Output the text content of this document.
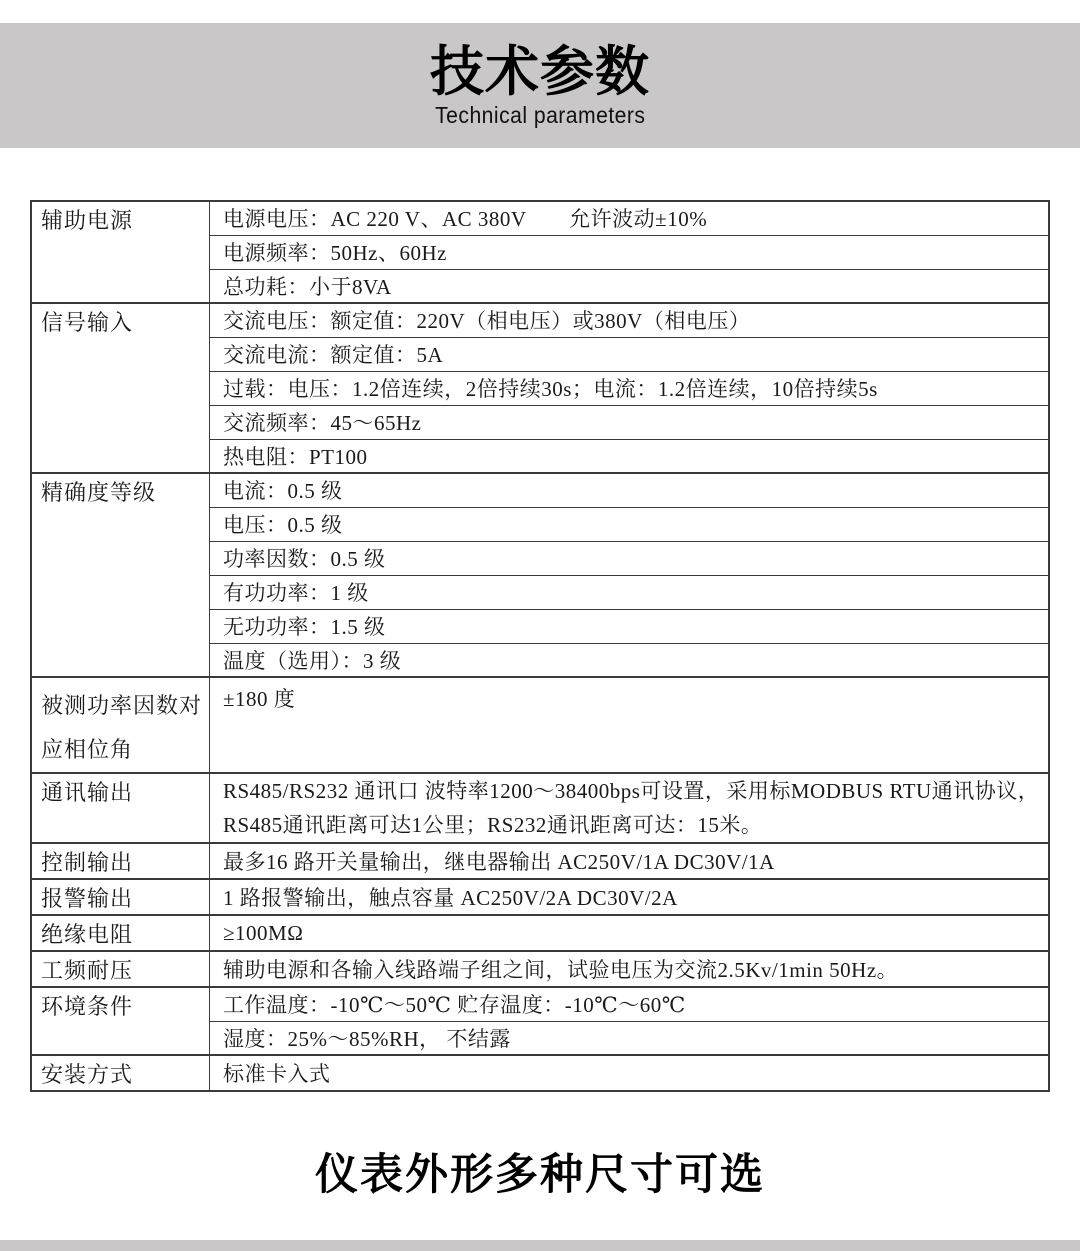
技术参数
Technical parameters
辅助电源	电源电压：AC 220 V、AC 380V　　允许波动±10%
	电源频率：50Hz、60Hz
	总功耗：小于8VA
信号输入	交流电压：额定值：220V（相电压）或380V（相电压）
	交流电流：额定值：5A
	过载：电压：1.2倍连续，2倍持续30s；电流：1.2倍连续，10倍持续5s
	交流频率：45～65Hz
	热电阻：PT100
精确度等级	电流：0.5 级
	电压：0.5 级
	功率因数：0.5 级
	有功功率：1 级
	无功功率：1.5 级
	温度（选用）：3 级
被测功率因数对应相位角	±180 度
通讯输出	RS485/RS232 通讯口 波特率1200～38400bps可设置，采用标MODBUS RTU通讯协议，
RS485通讯距离可达1公里；RS232通讯距离可达：15米。

控制输出	最多16 路开关量输出，继电器输出 AC250V/1A DC30V/1A
报警输出	1 路报警输出，触点容量 AC250V/2A DC30V/2A
绝缘电阻	≥100MΩ
工频耐压	辅助电源和各输入线路端子组之间，试验电压为交流2.5Kv/1min 50Hz。
环境条件	工作温度：-10℃～50℃ 贮存温度：-10℃～60℃
	湿度：25%～85%RH， 不结露
安装方式	标准卡入式
仪表外形多种尺寸可选
